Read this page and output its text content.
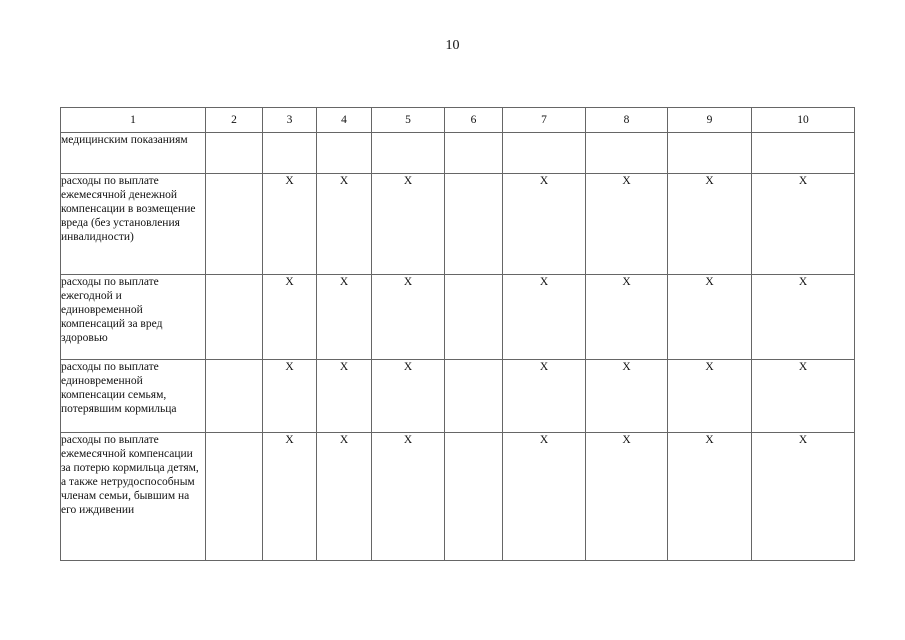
10
1	2	3	4	5	6	7	8	9	10
медицинским показаниям									
расходы по выплате ежемесячной денежной компенсации в возмещение вреда (без установления инвалидности)		X	X	X		X	X	X	X
расходы по выплате ежегодной и единовременной компенсаций за вред здоровью		X	X	X		X	X	X	X
расходы по выплате единовременной компенсации семьям, потерявшим кормильца		X	X	X		X	X	X	X
расходы по выплате ежемесячной компенсации за потерю кормильца детям, а также нетрудоспособным членам семьи, бывшим на его иждивении		X	X	X		X	X	X	X
